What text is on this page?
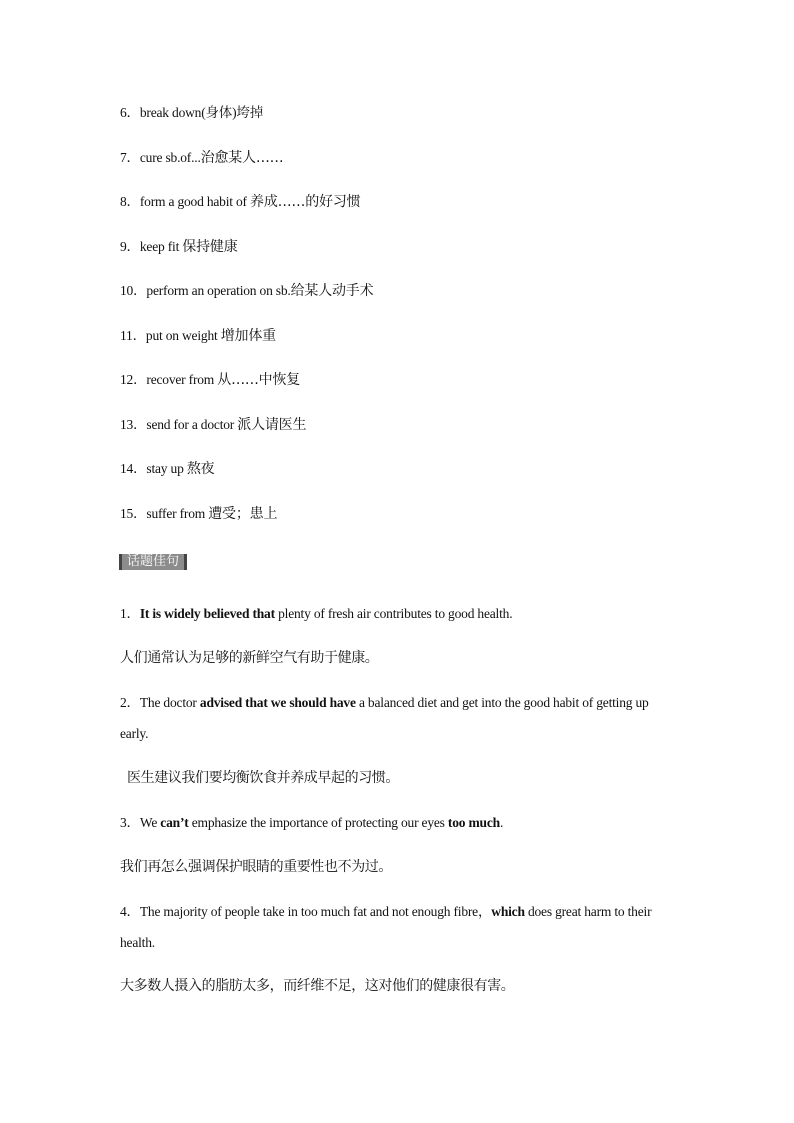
6．break down(身体)垮掉
7．cure sb.of...治愈某人……
8．form a good habit of 养成……的好习惯
9．keep fit 保持健康
10．perform an operation on sb.给某人动手术
11．put on weight 增加体重
12．recover from 从……中恢复
13．send for a doctor 派人请医生
14．stay up 熬夜
15．suffer from 遭受；患上
话题佳句
1．It is widely believed that plenty of fresh air contributes to good health.
人们通常认为足够的新鲜空气有助于健康。
2．The doctor advised that we should have a balanced diet and get into the good habit of getting up early.
医生建议我们要均衡饮食并养成早起的习惯。
3．We can’t emphasize the importance of protecting our eyes too much.
我们再怎么强调保护眼睛的重要性也不为过。
4．The majority of people take in too much fat and not enough fibre，which does great harm to their health.
大多数人摄入的脂肪太多，而纤维不足，这对他们的健康很有害。
